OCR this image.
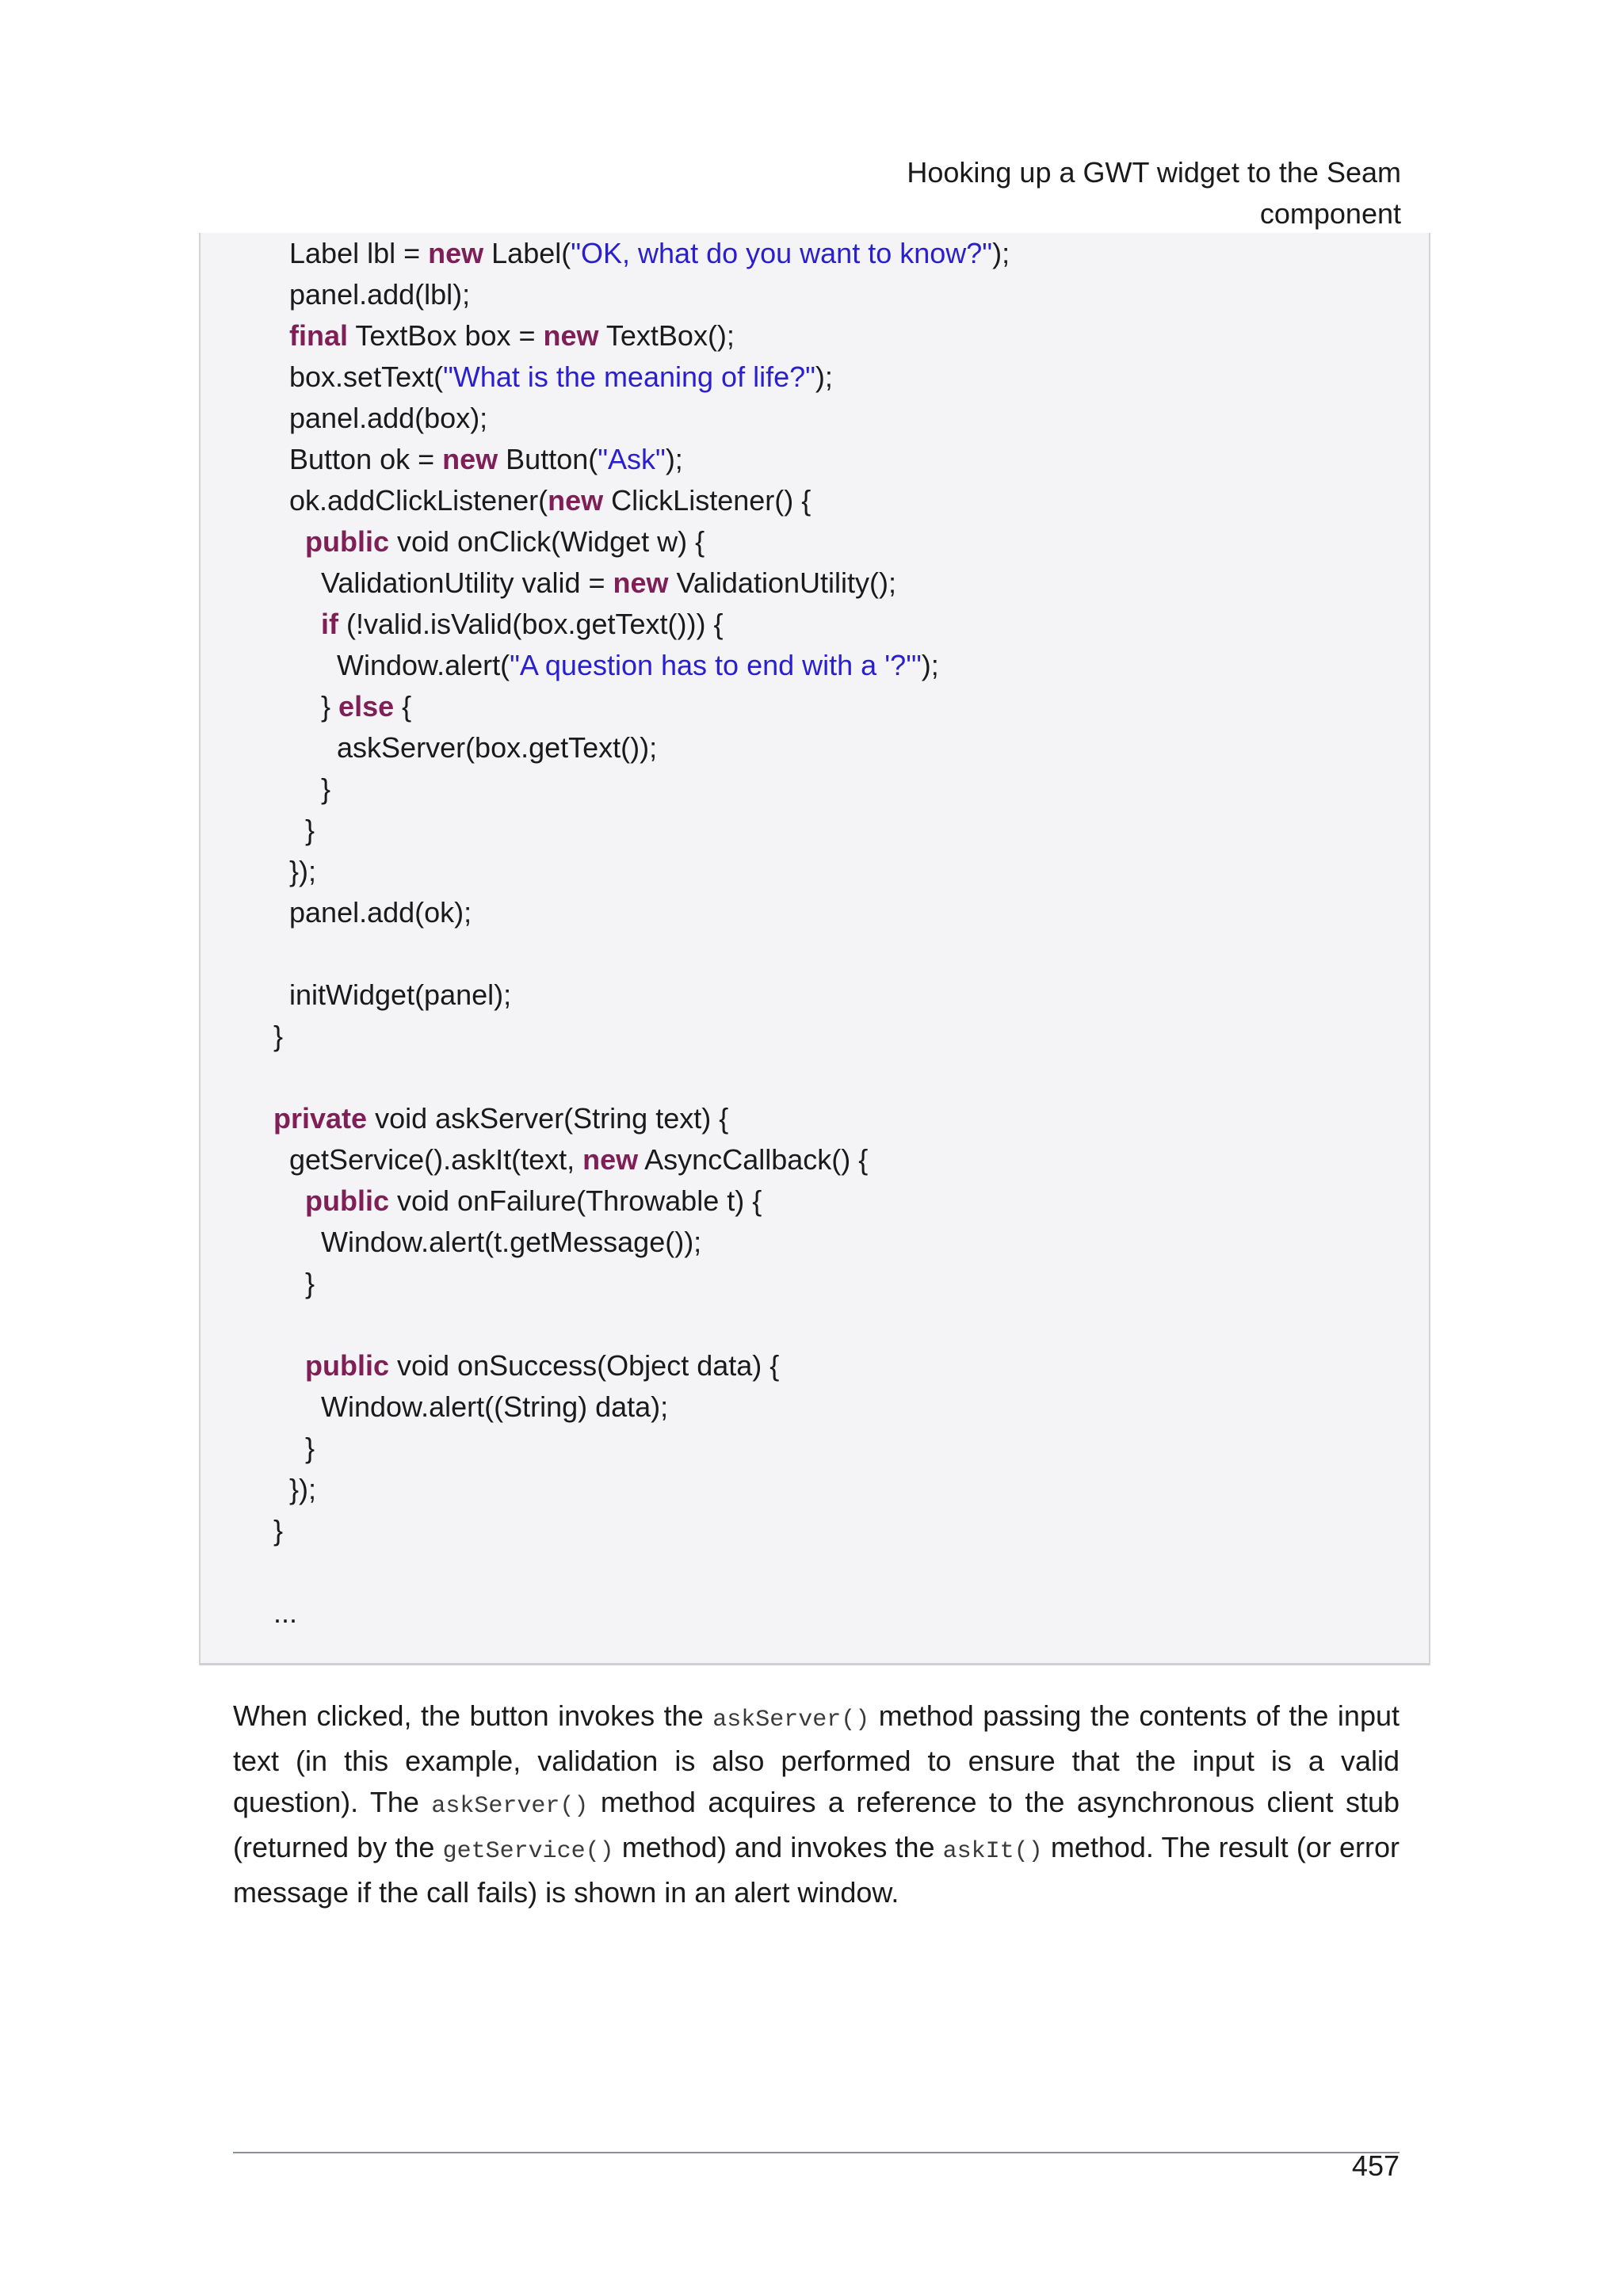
Hooking up a GWT widget to the Seam
component
Label lbl = new Label("OK, what do you want to know?");
panel.add(lbl);
final TextBox box = new TextBox();
box.setText("What is the meaning of life?");
panel.add(box);
Button ok = new Button("Ask");
ok.addClickListener(new ClickListener() {
public void onClick(Widget w) {
ValidationUtility valid = new ValidationUtility();
if (!valid.isValid(box.getText())) {
Window.alert("A question has to end with a '?'");
} else {
askServer(box.getText());
}
}
});
panel.add(ok);
initWidget(panel);
}
private void askServer(String text) {
getService().askIt(text, new AsyncCallback() {
public void onFailure(Throwable t) {
Window.alert(t.getMessage());
}
public void onSuccess(Object data) {
Window.alert((String) data);
}
});
}
...

When clicked, the button invokes the askServer() method passing the contents of the input text (in this example, validation is also performed to ensure that the input is a valid question). The askServer() method acquires a reference to the asynchronous client stub (returned by the getService() method) and invokes the askIt() method. The result (or error message if the call fails) is shown in an alert window.

457
